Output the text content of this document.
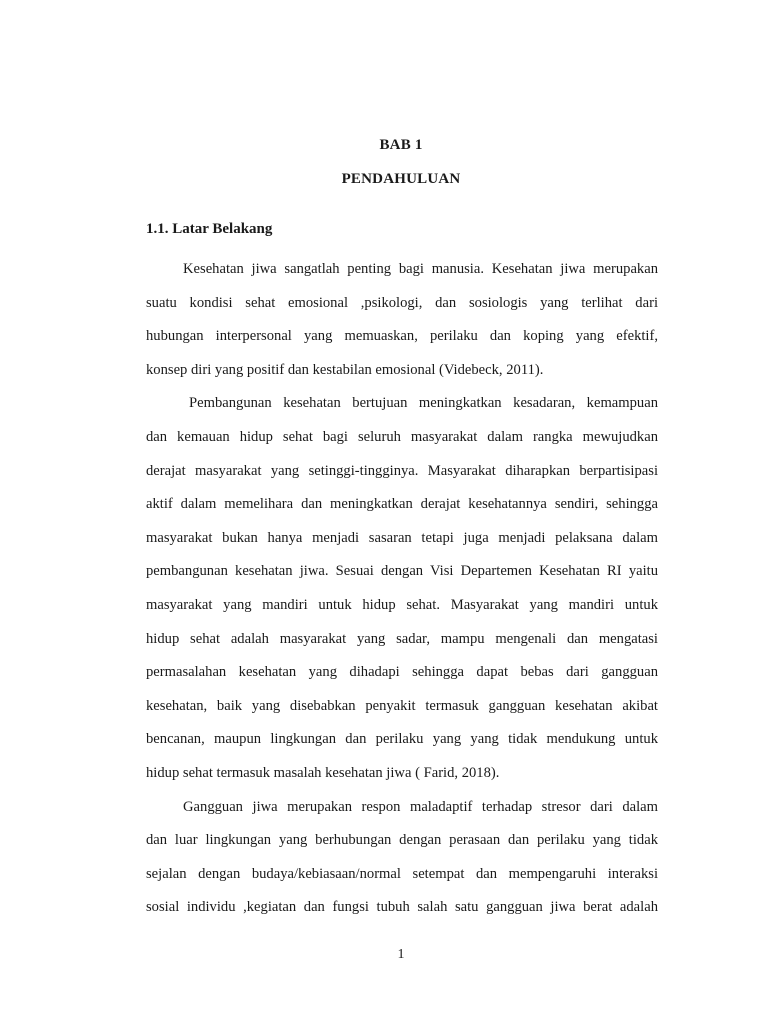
BAB 1
PENDAHULUAN
1.1. Latar Belakang
Kesehatan jiwa sangatlah penting bagi manusia. Kesehatan jiwa merupakan
suatu kondisi sehat emosional ,psikologi, dan sosiologis yang terlihat dari
hubungan interpersonal yang memuaskan, perilaku dan koping yang efektif,
konsep diri yang positif dan kestabilan emosional (Videbeck, 2011).
Pembangunan kesehatan bertujuan meningkatkan kesadaran, kemampuan
dan kemauan hidup sehat bagi seluruh masyarakat dalam rangka mewujudkan
derajat masyarakat yang setinggi-tingginya. Masyarakat diharapkan berpartisipasi
aktif dalam memelihara dan meningkatkan derajat kesehatannya sendiri, sehingga
masyarakat bukan hanya menjadi sasaran tetapi juga menjadi pelaksana dalam
pembangunan kesehatan jiwa. Sesuai dengan Visi Departemen Kesehatan RI yaitu
masyarakat yang mandiri untuk hidup sehat. Masyarakat yang mandiri untuk
hidup sehat adalah masyarakat yang sadar, mampu mengenali dan mengatasi
permasalahan kesehatan yang dihadapi sehingga dapat bebas dari gangguan
kesehatan, baik yang disebabkan penyakit termasuk gangguan kesehatan akibat
bencanan, maupun lingkungan dan perilaku yang yang tidak mendukung untuk
hidup sehat termasuk masalah kesehatan jiwa ( Farid, 2018).
Gangguan jiwa merupakan respon maladaptif terhadap stresor dari dalam
dan luar lingkungan yang berhubungan dengan perasaan dan perilaku yang tidak
sejalan dengan budaya/kebiasaan/normal setempat dan mempengaruhi interaksi
sosial individu ,kegiatan dan fungsi tubuh salah satu gangguan jiwa berat adalah
1
